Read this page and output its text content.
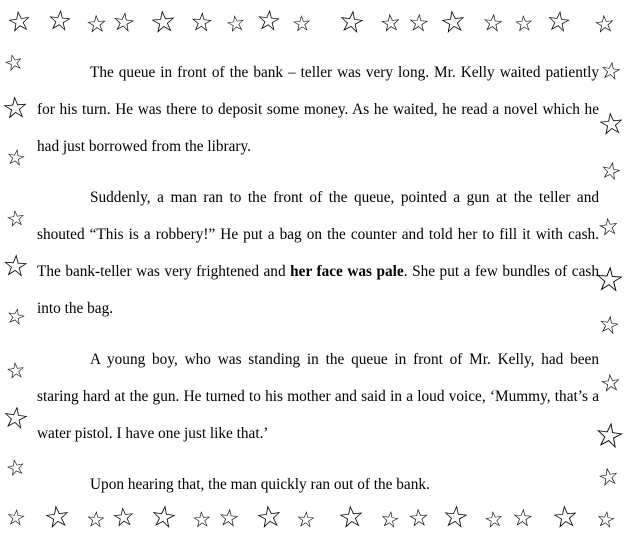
☆ ☆ ☆ ☆ ☆ ☆ ☆ ☆ ☆ ☆ ☆ ☆ ☆ ☆ ☆ ☆ ☆
☆
☆
☆
☆
☆
☆
☆
☆
☆
☆
☆
☆
☆
☆
☆
☆
☆
☆
☆ ☆ ☆ ☆ ☆ ☆ ☆ ☆ ☆ ☆ ☆ ☆ ☆ ☆ ☆ ☆ ☆

The queue in front of the bank – teller was very long. Mr. Kelly waited patiently for his turn. He was there to deposit some money. As he waited, he read a novel which he had just borrowed from the library.

Suddenly, a man ran to the front of the queue, pointed a gun at the teller and shouted “This is a robbery!” He put a bag on the counter and told her to fill it with cash. The bank-teller was very frightened and her face was pale. She put a few bundles of cash into the bag.

A young boy, who was standing in the queue in front of Mr. Kelly, had been staring hard at the gun. He turned to his mother and said in a loud voice, ‘Mummy, that’s a water pistol. I have one just like that.’

Upon hearing that, the man quickly ran out of the bank.
